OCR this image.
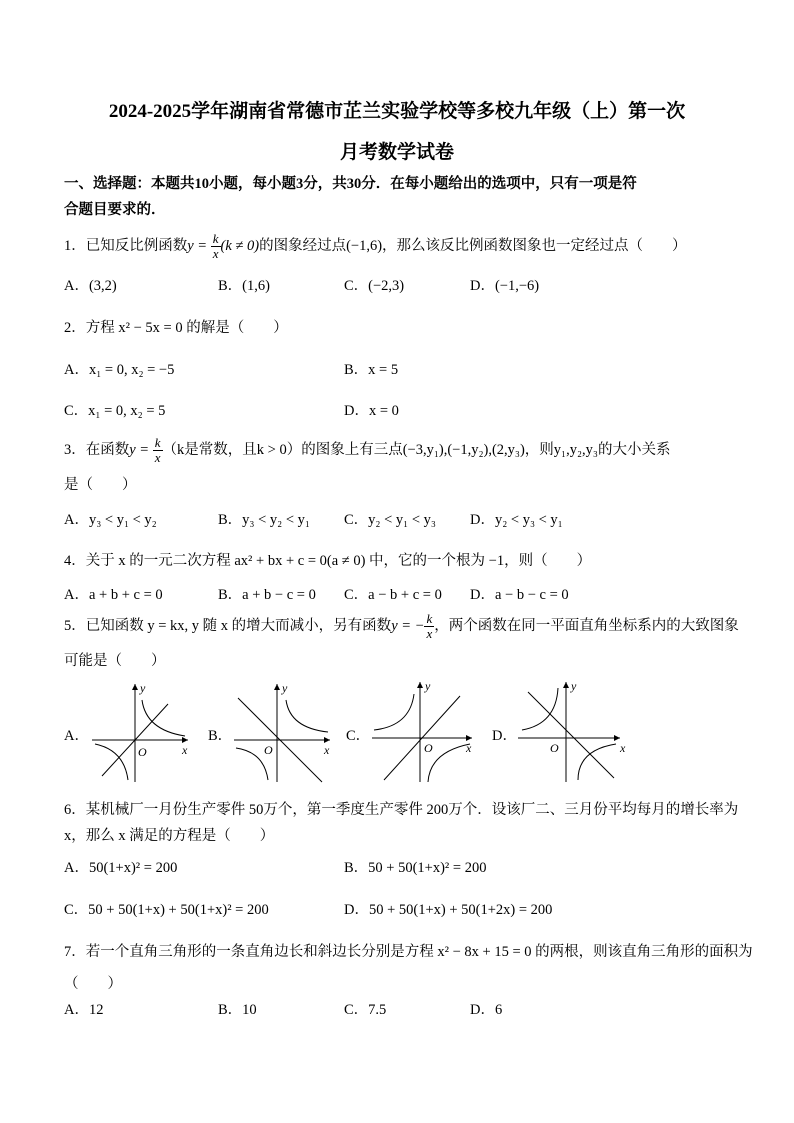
2024-2025学年湖南省常德市芷兰实验学校等多校九年级（上）第一次
月考数学试卷
一、选择题：本题共10小题，每小题3分，共30分．在每小题给出的选项中，只有一项是符
合题目要求的．
1．已知反比例函数$y = \frac{k}{x} (k \ne 0)$的图象经过点(−1,6)，那么该反比例函数图象也一定经过点（　　）
A．(3,2)	B．(1,6)	C．(−2,3)	D．(−1,−6)
2．方程 x² − 5x = 0 的解是（　　）
A．x₁ = 0, x₂ = −5	B．x = 5
C．x₁ = 0, x₂ = 5	D．x = 0
3．在函数$y = \frac{k}{x} (k$是常数，且k > 0）的图象上有三点(−3,y₁),(−1,y₂),(2,y₃)，则y₁,y₂,y₃的大小关系
是（　　）
A．y₃ < y₁ < y₂	B．y₃ < y₂ < y₁ C．y₂ < y₁ < y₃ D．y₂ < y₃ < y₁
4．关于 x 的一元二次方程 ax² + bx + c = 0(a ≠ 0) 中，它的一个根为 −1，则（　　）
A．a + b + c = 0	B．a + b − c = 0 C．a − b + c = 0 D．a − b − c = 0
5．已知函数 y = kx, y 随 x 的增大而减小，另有函数y = − $\frac{k}{x}$ ，两个函数在同一平面直角坐标系内的大致图象
可能是（　　）
A．	B．	C．	D．
y
x
O
y
x
O
y
x
O
y
x
O
6．某机械厂一月份生产零件 50万个，第一季度生产零件 200万个．设该厂二、三月份平均每月的增长率为
x，那么 x 满足的方程是（　　）
A．50(1+x)² = 200	B．50 + 50(1+x)² = 200
C．50 + 50(1+x) + 50(1+x)² = 200	D．50 + 50(1+x) + 50(1+2x) = 200
7．若一个直角三角形的一条直角边长和斜边长分别是方程 x² − 8x + 15 = 0 的两根，则该直角三角形的面积为
（　　）
A．12	B．10	C．7.5	D．6
